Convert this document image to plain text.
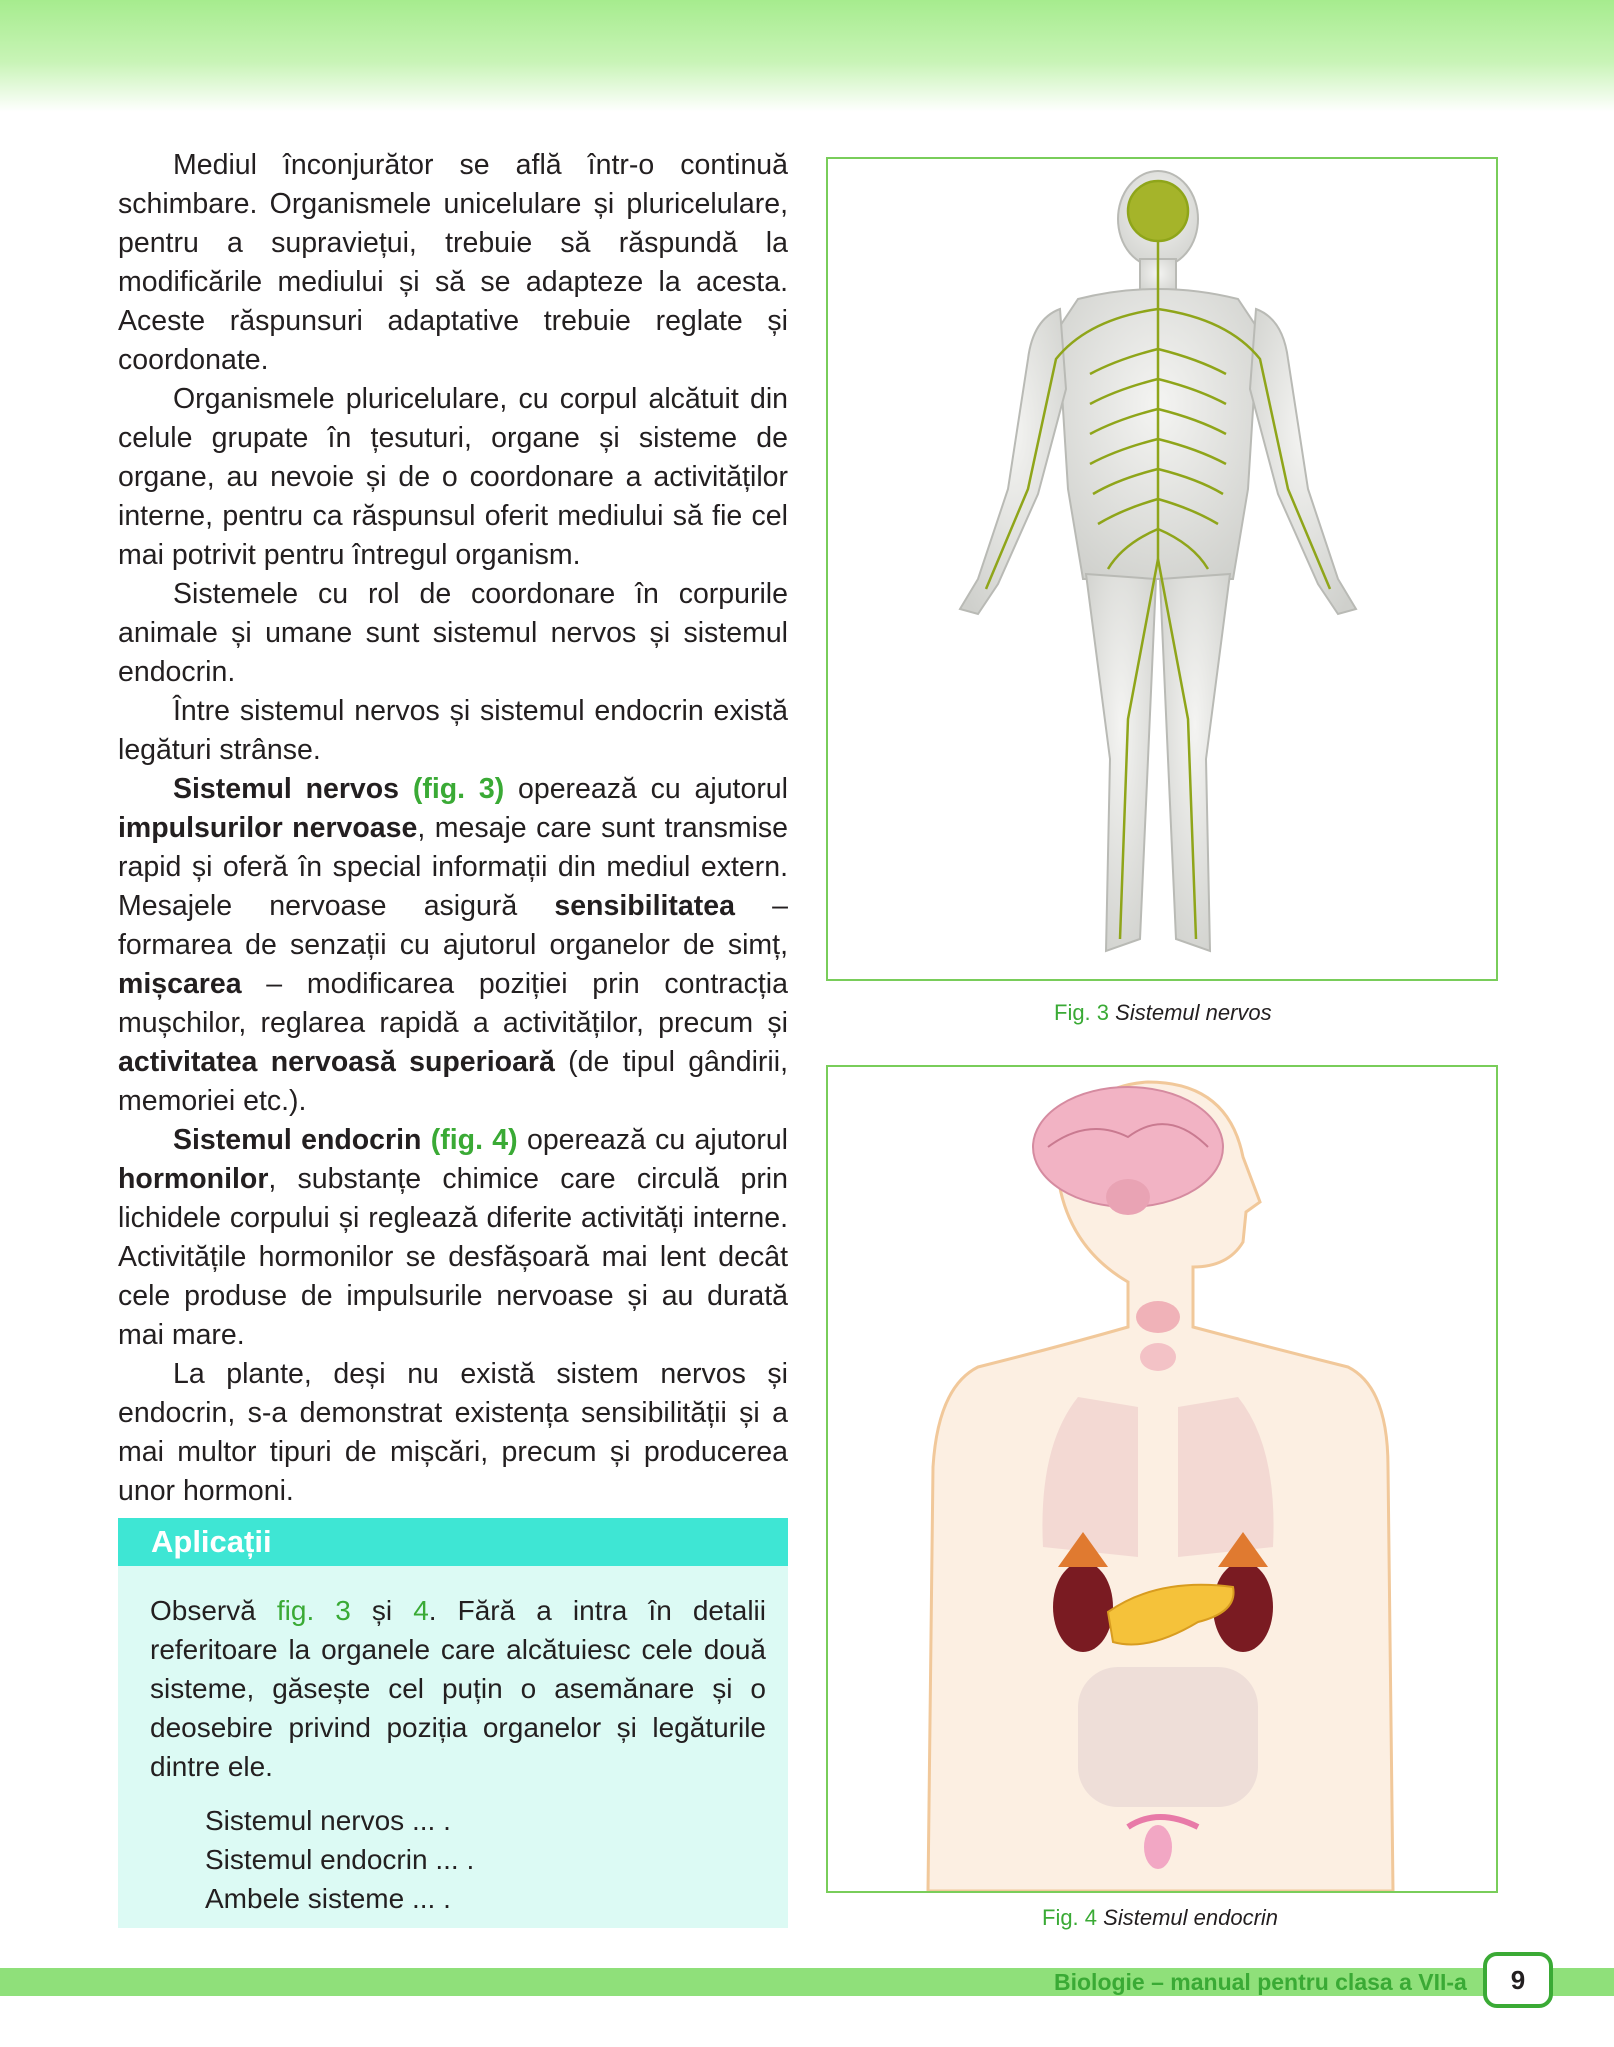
Mediul înconjurător se află într-o continuă schimbare. Organismele unicelulare și pluricelulare, pentru a supraviețui, trebuie să răspundă la modificările mediului și să se adapteze la acesta. Aceste răspunsuri adaptative trebuie reglate și coordonate.

Organismele pluricelulare, cu corpul alcătuit din celule grupate în țesuturi, organe și sisteme de organe, au nevoie și de o coordonare a activităților interne, pentru ca răspunsul oferit mediului să fie cel mai potrivit pentru întregul organism.

Sistemele cu rol de coordonare în corpurile animale și umane sunt sistemul nervos și sistemul endocrin.

Între sistemul nervos și sistemul endocrin există legături strânse.

Sistemul nervos (fig. 3) operează cu ajutorul impulsurilor nervoase, mesaje care sunt transmise rapid și oferă în special informații din mediul extern. Mesajele nervoase asigură sensibilitatea – formarea de senzații cu ajutorul organelor de simț, mișcarea – modificarea poziției prin contracția mușchilor, reglarea rapidă a activităților, precum și activitatea nervoasă superioară (de tipul gândirii, memoriei etc.).

Sistemul endocrin (fig. 4) operează cu ajutorul hormonilor, substanțe chimice care circulă prin lichidele corpului și reglează diferite activități interne. Activitățile hormonilor se desfășoară mai lent decât cele produse de impulsurile nervoase și au durată mai mare.

La plante, deși nu există sistem nervos și endocrin, s-a demonstrat existența sensibilității și a mai multor tipuri de mișcări, precum și producerea unor hormoni.

Aplicații

Observă fig. 3 și 4. Fără a intra în detalii referitoare la organele care alcătuiesc cele două sisteme, găsește cel puțin o asemănare și o deosebire privind poziția organelor și legăturile dintre ele.

Sistemul nervos ... .
Sistemul endocrin ... .
Ambele sisteme ... .
Fig. 3 Sistemul nervos
Fig. 4 Sistemul endocrin
Biologie – manual pentru clasa a VII-a	9
